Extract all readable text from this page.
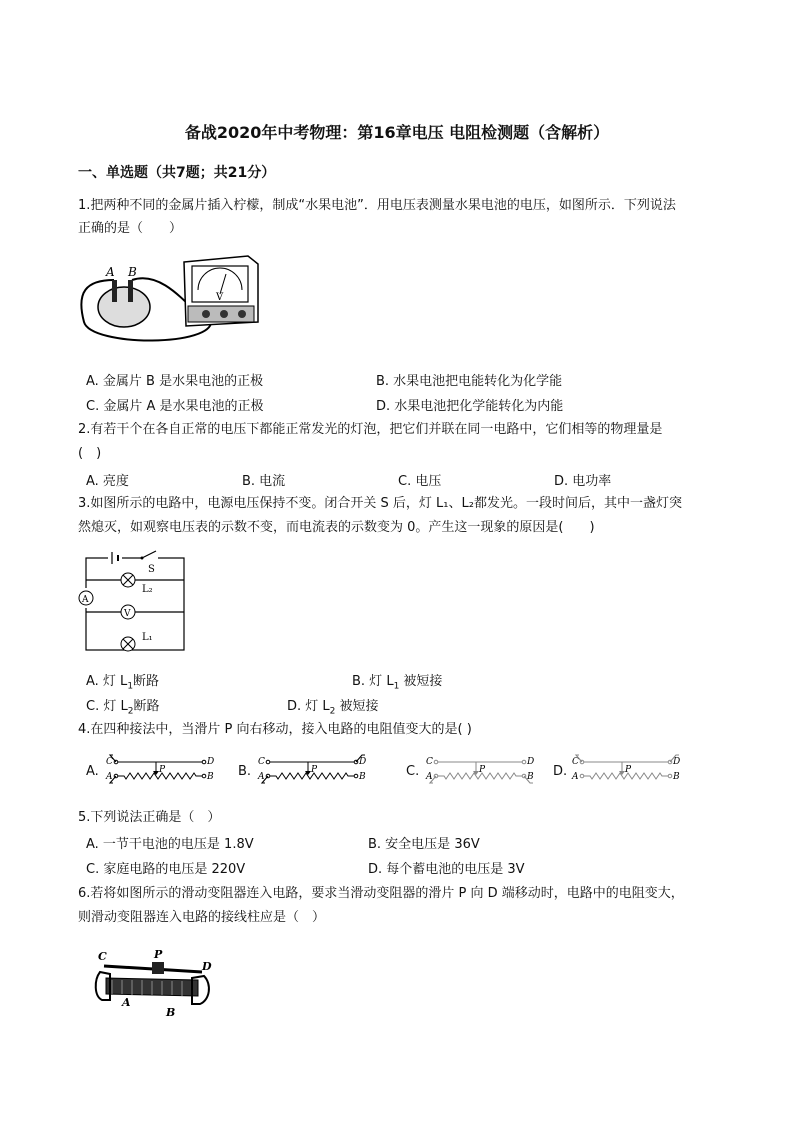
备战2020年中考物理：第16章电压 电阻检测题（含解析）
一、单选题（共7题；共21分）
1.把两种不同的金属片插入柠檬，制成“水果电池”．用电压表测量水果电池的电压，如图所示．下列说法
正确的是（　　）
A B
V
A. 金属片 B 是水果电池的正极	B. 水果电池把电能转化为化学能
C. 金属片 A 是水果电池的正极	D. 水果电池把化学能转化为内能
2.有若干个在各自正常的电压下都能正常发光的灯泡，把它们并联在同一电路中，它们相等的物理量是
(　)
A. 亮度	B. 电流	C. 电压	D. 电功率
3.如图所示的电路中，电源电压保持不变。闭合开关 S 后，灯 L₁、L₂都发光。一段时间后，其中一盏灯突
然熄灭，如观察电压表的示数不变，而电流表的示数变为 0。产生这一现象的原因是(　　)
S
L₂
A
V
L₁
A. 灯 $L_1$断路	B. 灯 $L_1$ 被短接
C. 灯 $L_2$断路	D. 灯 $L_2$ 被短接
4.在四种接法中，当滑片 P 向右移动，接入电路的电阻值变大的是( )
A.	B.	C.	D.
P
C	D
A	B
P
C	D
A	B
P
C	D
A	B
P
C	D
A	B
5.下列说法正确是（　）
A. 一节干电池的电压是 1.8V	B. 安全电压是 36V
C. 家庭电路的电压是 220V	D. 每个蓄电池的电压是 3V
6.若将如图所示的滑动变阻器连入电路，要求当滑动变阻器的滑片 P 向 D 端移动时，电路中的电阻变大，
则滑动变阻器连入电路的接线柱应是（　）
C	P
D
A
B
